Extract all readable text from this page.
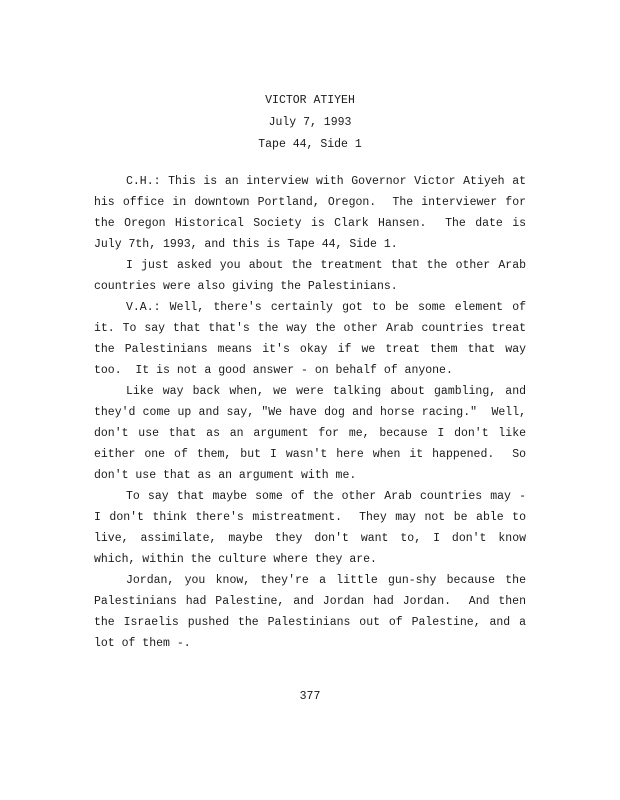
VICTOR ATIYEH
July 7, 1993
Tape 44, Side 1

C.H.: This is an interview with Governor Victor Atiyeh at his office in downtown Portland, Oregon.  The interviewer for the Oregon Historical Society is Clark Hansen.  The date is July 7th, 1993, and this is Tape 44, Side 1.

I just asked you about the treatment that the other Arab countries were also giving the Palestinians.

V.A.: Well, there's certainly got to be some element of it. To say that that's the way the other Arab countries treat the Palestinians means it's okay if we treat them that way too.  It is not a good answer - on behalf of anyone.

Like way back when, we were talking about gambling, and they'd come up and say, "We have dog and horse racing."  Well, don't use that as an argument for me, because I don't like either one of them, but I wasn't here when it happened.  So don't use that as an argument with me.

To say that maybe some of the other Arab countries may - I don't think there's mistreatment.  They may not be able to live, assimilate, maybe they don't want to, I don't know which, within the culture where they are.

Jordan, you know, they're a little gun-shy because the Palestinians had Palestine, and Jordan had Jordan.  And then the Israelis pushed the Palestinians out of Palestine, and a lot of them -.

377
